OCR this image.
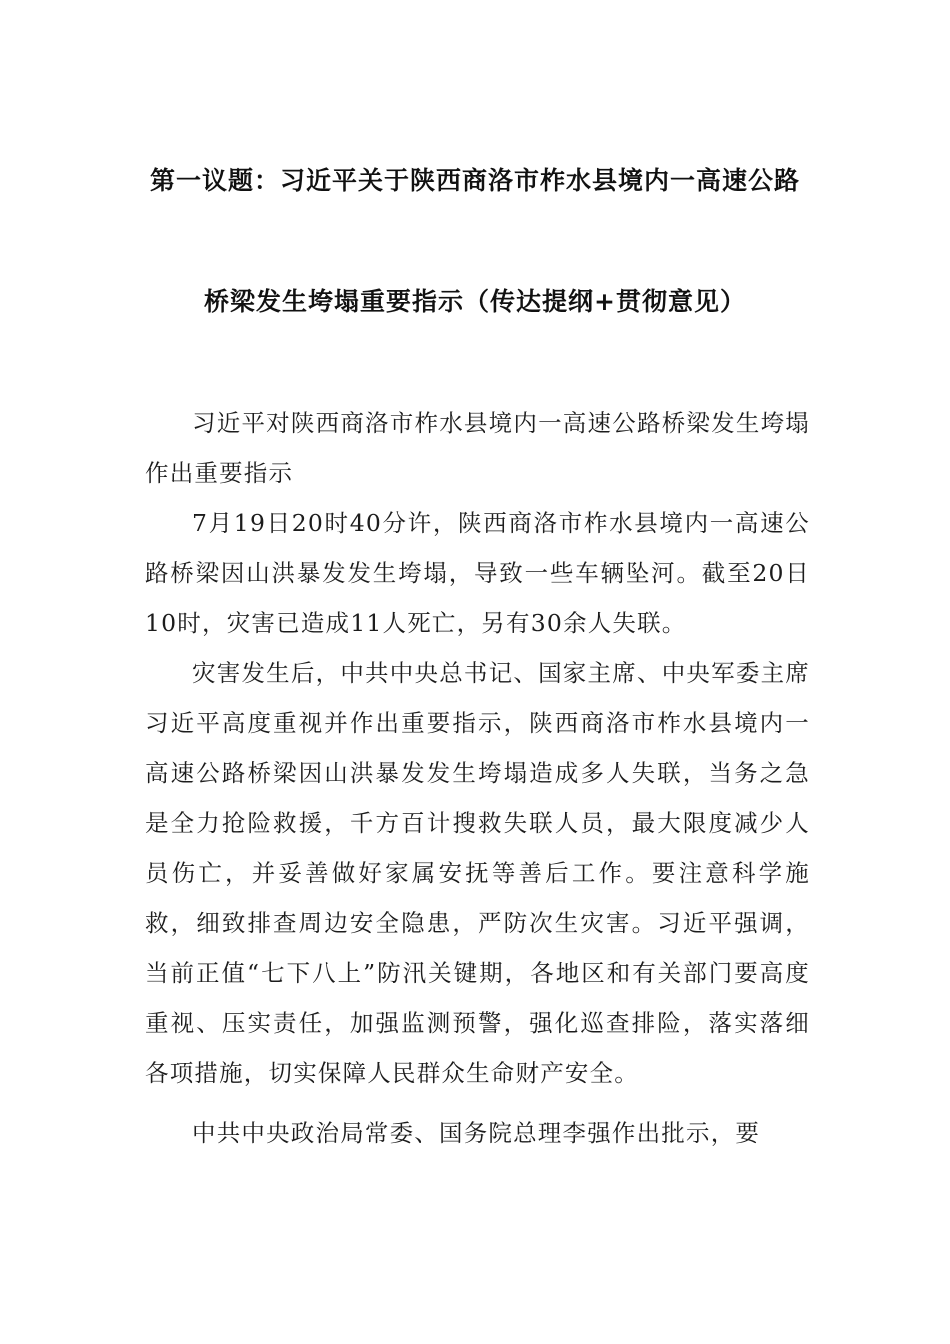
第一议题：习近平关于陕西商洛市柞水县境内一高速公路
桥梁发生垮塌重要指示（传达提纲+贯彻意见）

习近平对陕西商洛市柞水县境内一高速公路桥梁发生垮塌作出重要指示

7月19日20时40分许，陕西商洛市柞水县境内一高速公路桥梁因山洪暴发发生垮塌，导致一些车辆坠河。截至20日10时，灾害已造成11人死亡，另有30余人失联。

灾害发生后，中共中央总书记、国家主席、中央军委主席习近平高度重视并作出重要指示，陕西商洛市柞水县境内一高速公路桥梁因山洪暴发发生垮塌造成多人失联，当务之急是全力抢险救援，千方百计搜救失联人员，最大限度减少人员伤亡，并妥善做好家属安抚等善后工作。要注意科学施救，细致排查周边安全隐患，严防次生灾害。习近平强调，当前正值“七下八上”防汛关键期，各地区和有关部门要高度重视、压实责任，加强监测预警，强化巡查排险，落实落细各项措施，切实保障人民群众生命财产安全。

中共中央政治局常委、国务院总理李强作出批示，要
